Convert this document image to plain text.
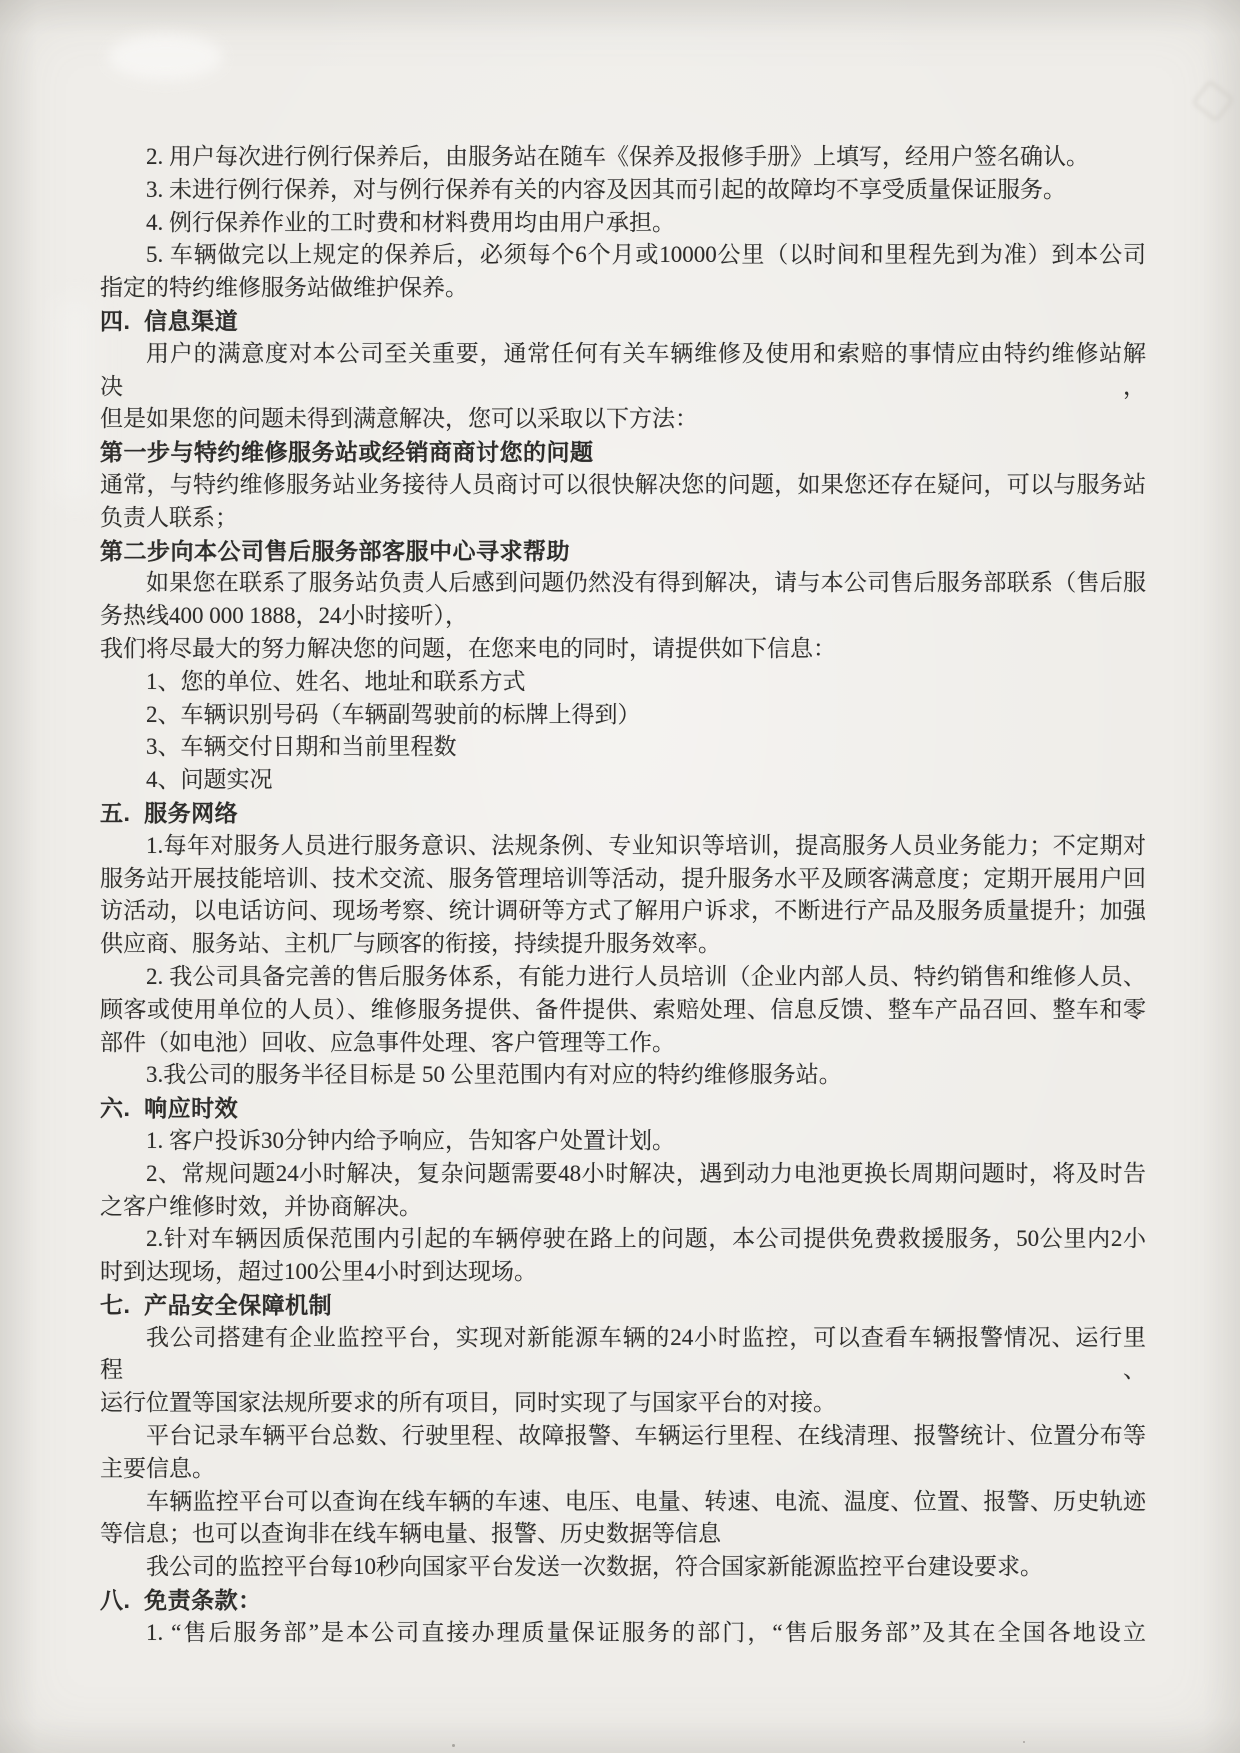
2. 用户每次进行例行保养后，由服务站在随车《保养及报修手册》上填写，经用户签名确认。
3. 未进行例行保养，对与例行保养有关的内容及因其而引起的故障均不享受质量保证服务。
4. 例行保养作业的工时费和材料费用均由用户承担。
5. 车辆做完以上规定的保养后，必须每个6个月或10000公里（以时间和里程先到为准）到本公司
指定的特约维修服务站做维护保养。
四.  信息渠道
用户的满意度对本公司至关重要，通常任何有关车辆维修及使用和索赔的事情应由特约维修站解决，
但是如果您的问题未得到满意解决，您可以采取以下方法：
第一步与特约维修服务站或经销商商讨您的问题
通常，与特约维修服务站业务接待人员商讨可以很快解决您的问题，如果您还存在疑问，可以与服务站
负责人联系；
第二步向本公司售后服务部客服中心寻求帮助
如果您在联系了服务站负责人后感到问题仍然没有得到解决，请与本公司售后服务部联系（售后服
务热线400 000 1888，24小时接听），
我们将尽最大的努力解决您的问题，在您来电的同时，请提供如下信息：
1、您的单位、姓名、地址和联系方式
2、车辆识别号码（车辆副驾驶前的标牌上得到）
3、车辆交付日期和当前里程数
4、问题实况
五.  服务网络
1.每年对服务人员进行服务意识、法规条例、专业知识等培训，提高服务人员业务能力；不定期对
服务站开展技能培训、技术交流、服务管理培训等活动，提升服务水平及顾客满意度；定期开展用户回
访活动，以电话访问、现场考察、统计调研等方式了解用户诉求，不断进行产品及服务质量提升；加强
供应商、服务站、主机厂与顾客的衔接，持续提升服务效率。
2. 我公司具备完善的售后服务体系，有能力进行人员培训（企业内部人员、特约销售和维修人员、
顾客或使用单位的人员）、维修服务提供、备件提供、索赔处理、信息反馈、整车产品召回、整车和零
部件（如电池）回收、应急事件处理、客户管理等工作。
3.我公司的服务半径目标是 50 公里范围内有对应的特约维修服务站。
六.  响应时效
1. 客户投诉30分钟内给予响应，告知客户处置计划。
2、常规问题24小时解决，复杂问题需要48小时解决，遇到动力电池更换长周期问题时，将及时告
之客户维修时效，并协商解决。
2.针对车辆因质保范围内引起的车辆停驶在路上的问题，本公司提供免费救援服务，50公里内2小
时到达现场，超过100公里4小时到达现场。
七.  产品安全保障机制
我公司搭建有企业监控平台，实现对新能源车辆的24小时监控，可以查看车辆报警情况、运行里程、
运行位置等国家法规所要求的所有项目，同时实现了与国家平台的对接。
平台记录车辆平台总数、行驶里程、故障报警、车辆运行里程、在线清理、报警统计、位置分布等
主要信息。
车辆监控平台可以查询在线车辆的车速、电压、电量、转速、电流、温度、位置、报警、历史轨迹
等信息；也可以查询非在线车辆电量、报警、历史数据等信息
我公司的监控平台每10秒向国家平台发送一次数据，符合国家新能源监控平台建设要求。
八.  免责条款：
1. “售后服务部”是本公司直接办理质量保证服务的部门，“售后服务部”及其在全国各地设立
